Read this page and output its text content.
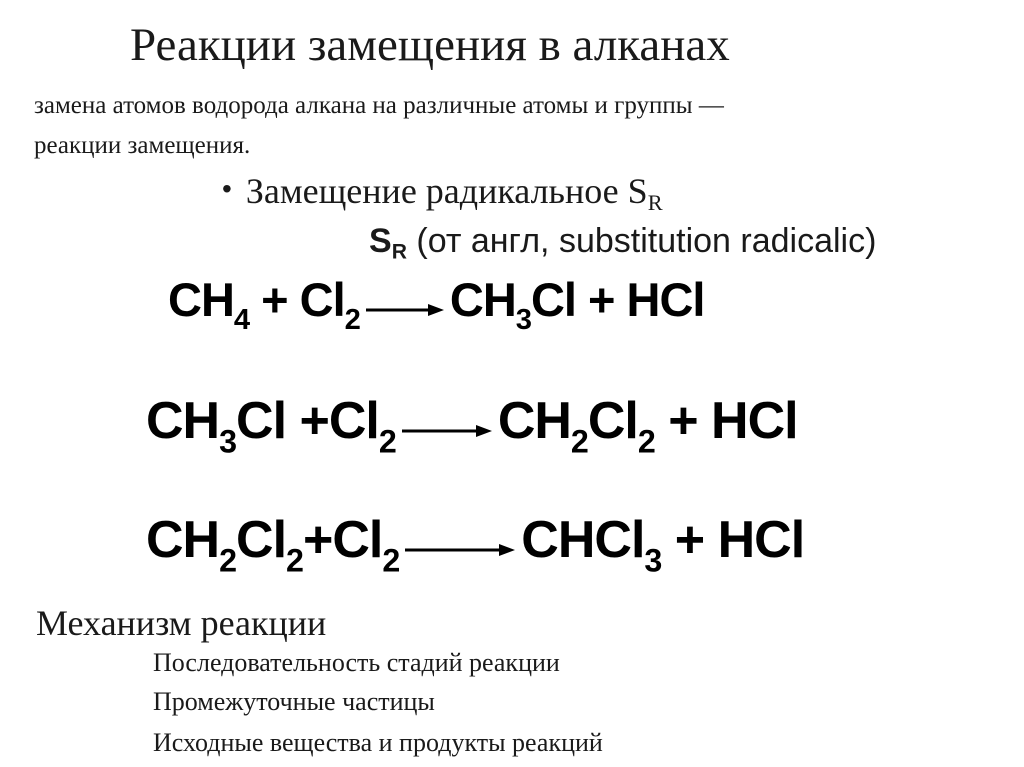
Реакции замещения в алканах
замена атомов водорода алкана на различные атомы и группы —
реакции замещения.
• Замещение радикальное $S_R$
$S_R$ (от англ, substitution radicalic)
$CH_4 + Cl_2 \to CH_3Cl$ + HCl
$CH_3Cl +Cl_2 \to CH_2Cl_2$ + HCl
$CH_2Cl_2+Cl_2$ → CHCl$_3$ + HCl
Механизм реакции
Последовательность стадий реакции
Промежуточные частицы
Исходные вещества и продукты реакций
